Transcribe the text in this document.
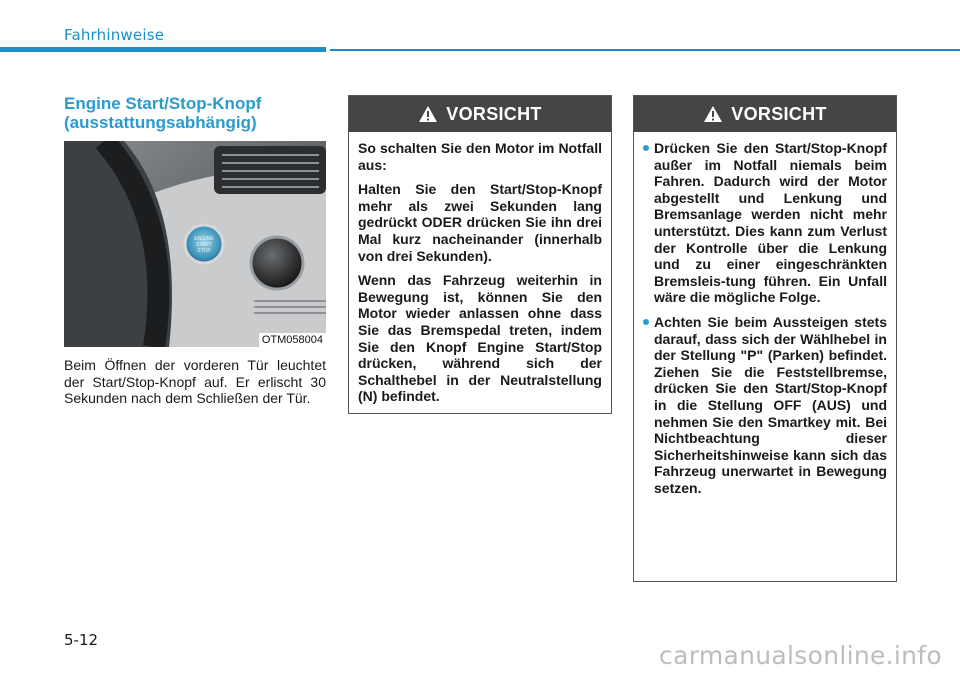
Fahrhinweise
Engine Start/Stop-Knopf
(ausstattungsabhängig)
ENGINE
START
STOP
OTM058004
Beim Öffnen der vorderen Tür leuchtet der Start/Stop-Knopf auf. Er erlischt 30 Sekunden nach dem Schließen der Tür.
VORSICHT

So schalten Sie den Motor im Notfall aus:

Halten Sie den Start/Stop-Knopf mehr als zwei Sekunden lang gedrückt ODER drücken Sie ihn drei Mal kurz nacheinander (innerhalb von drei Sekunden).

Wenn das Fahrzeug weiterhin in Bewegung ist, können Sie den Motor wieder anlassen ohne dass Sie das Bremspedal treten, indem Sie den Knopf Engine Start/Stop drücken, während sich der Schalthebel in der Neutralstellung (N) befindet.

VORSICHT
Drücken Sie den Start/Stop-Knopf außer im Notfall niemals beim Fahren. Dadurch wird der Motor abgestellt und Lenkung und Bremsanlage werden nicht mehr unterstützt. Dies kann zum Verlust der Kontrolle über die Lenkung und zu einer eingeschränkten Bremsleis-tung führen. Ein Unfall wäre die mögliche Folge.
Achten Sie beim Aussteigen stets darauf, dass sich der Wählhebel in der Stellung "P" (Parken) befindet. Ziehen Sie die Feststellbremse, drücken Sie den Start/Stop-Knopf in die Stellung OFF (AUS) und nehmen Sie den Smartkey mit. Bei Nichtbeachtung dieser Sicherheitshinweise kann sich das Fahrzeug unerwartet in Bewegung setzen.
5-12
carmanualsonline.info
